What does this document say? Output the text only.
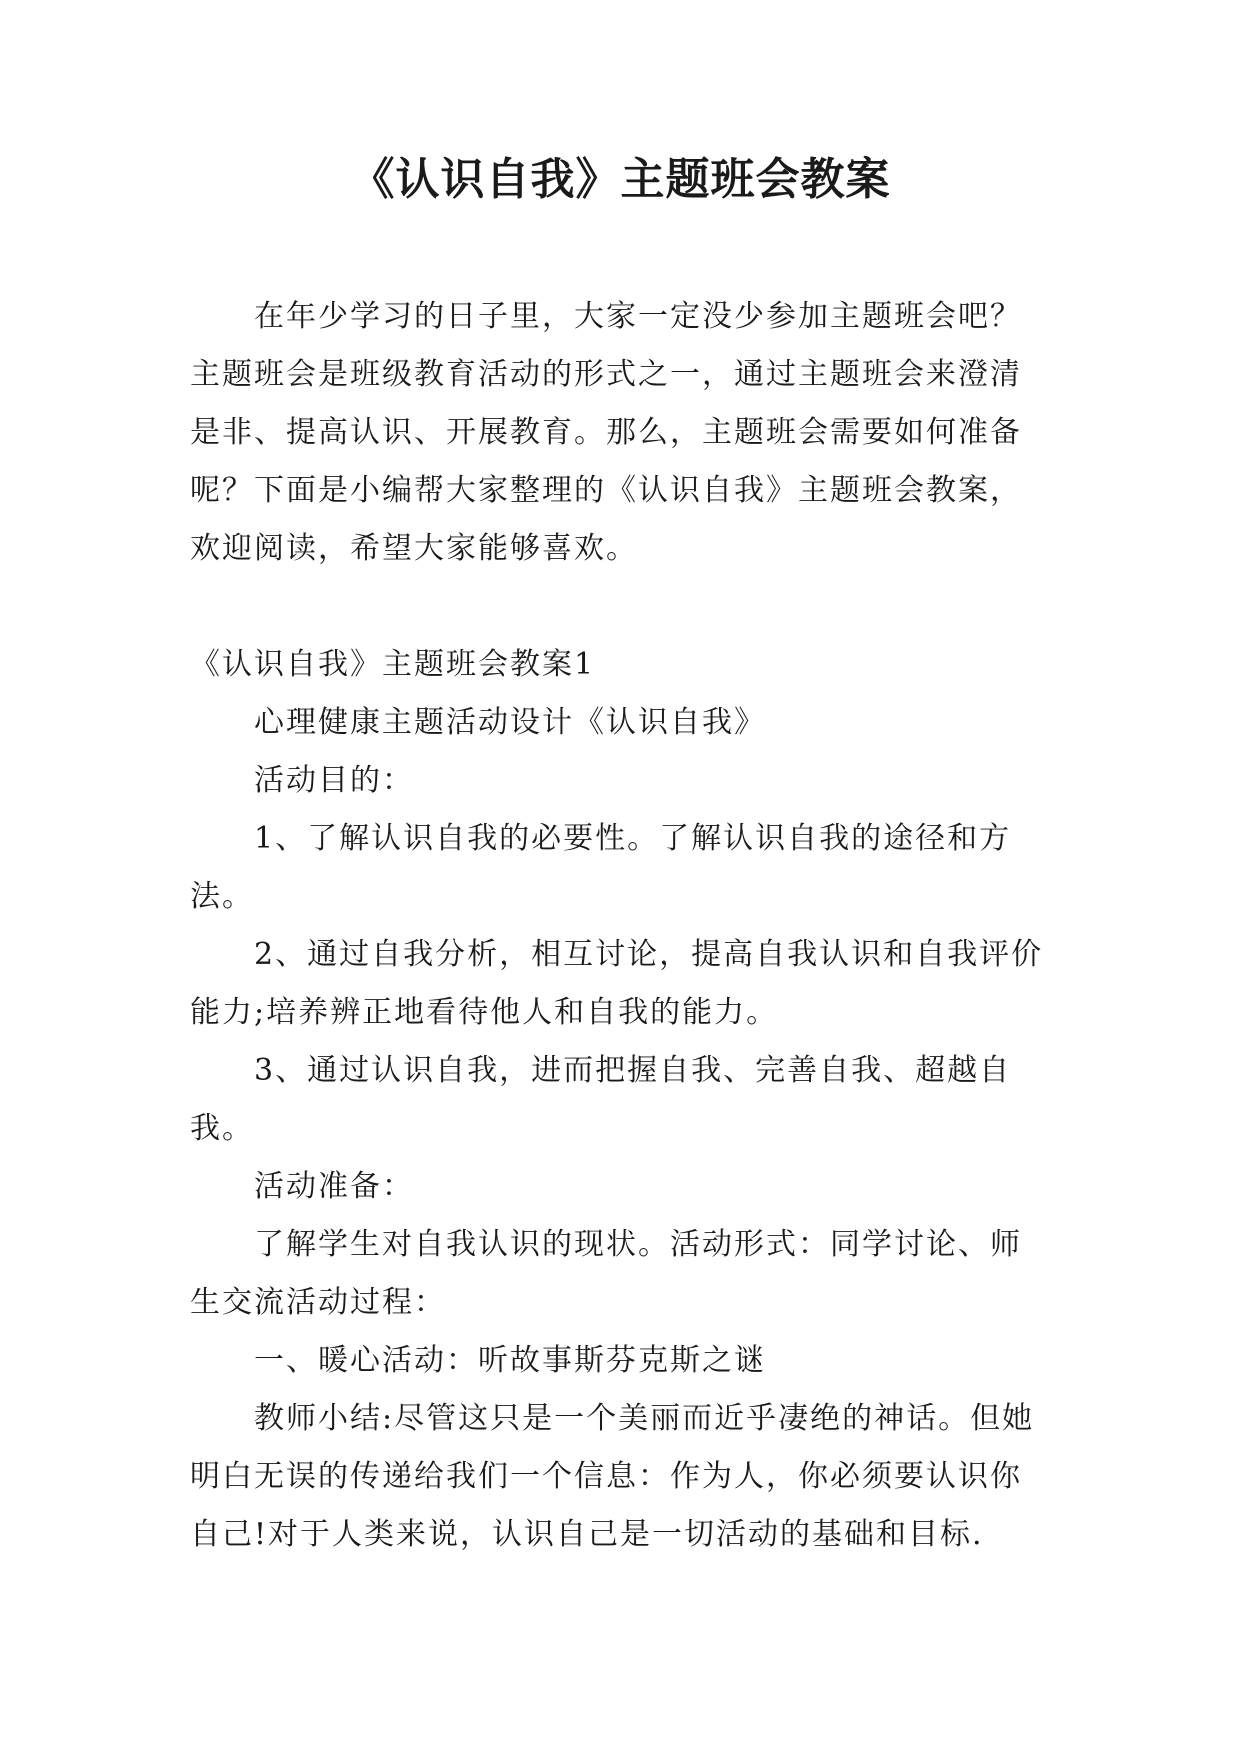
《认识自我》主题班会教案

在年少学习的日子里，大家一定没少参加主题班会吧？主题班会是班级教育活动的形式之一，通过主题班会来澄清是非、提高认识、开展教育。那么，主题班会需要如何准备呢？下面是小编帮大家整理的《认识自我》主题班会教案，欢迎阅读，希望大家能够喜欢。

《认识自我》主题班会教案1

心理健康主题活动设计《认识自我》

活动目的：

1、了解认识自我的必要性。了解认识自我的途径和方法。

2、通过自我分析，相互讨论，提高自我认识和自我评价能力;培养辨正地看待他人和自我的能力。

3、通过认识自我，进而把握自我、完善自我、超越自我。

活动准备：

了解学生对自我认识的现状。活动形式：同学讨论、师生交流活动过程：

一、暖心活动：听故事斯芬克斯之谜

教师小结:尽管这只是一个美丽而近乎凄绝的神话。但她明白无误的传递给我们一个信息：作为人，你必须要认识你自己!对于人类来说，认识自己是一切活动的基础和目标.
